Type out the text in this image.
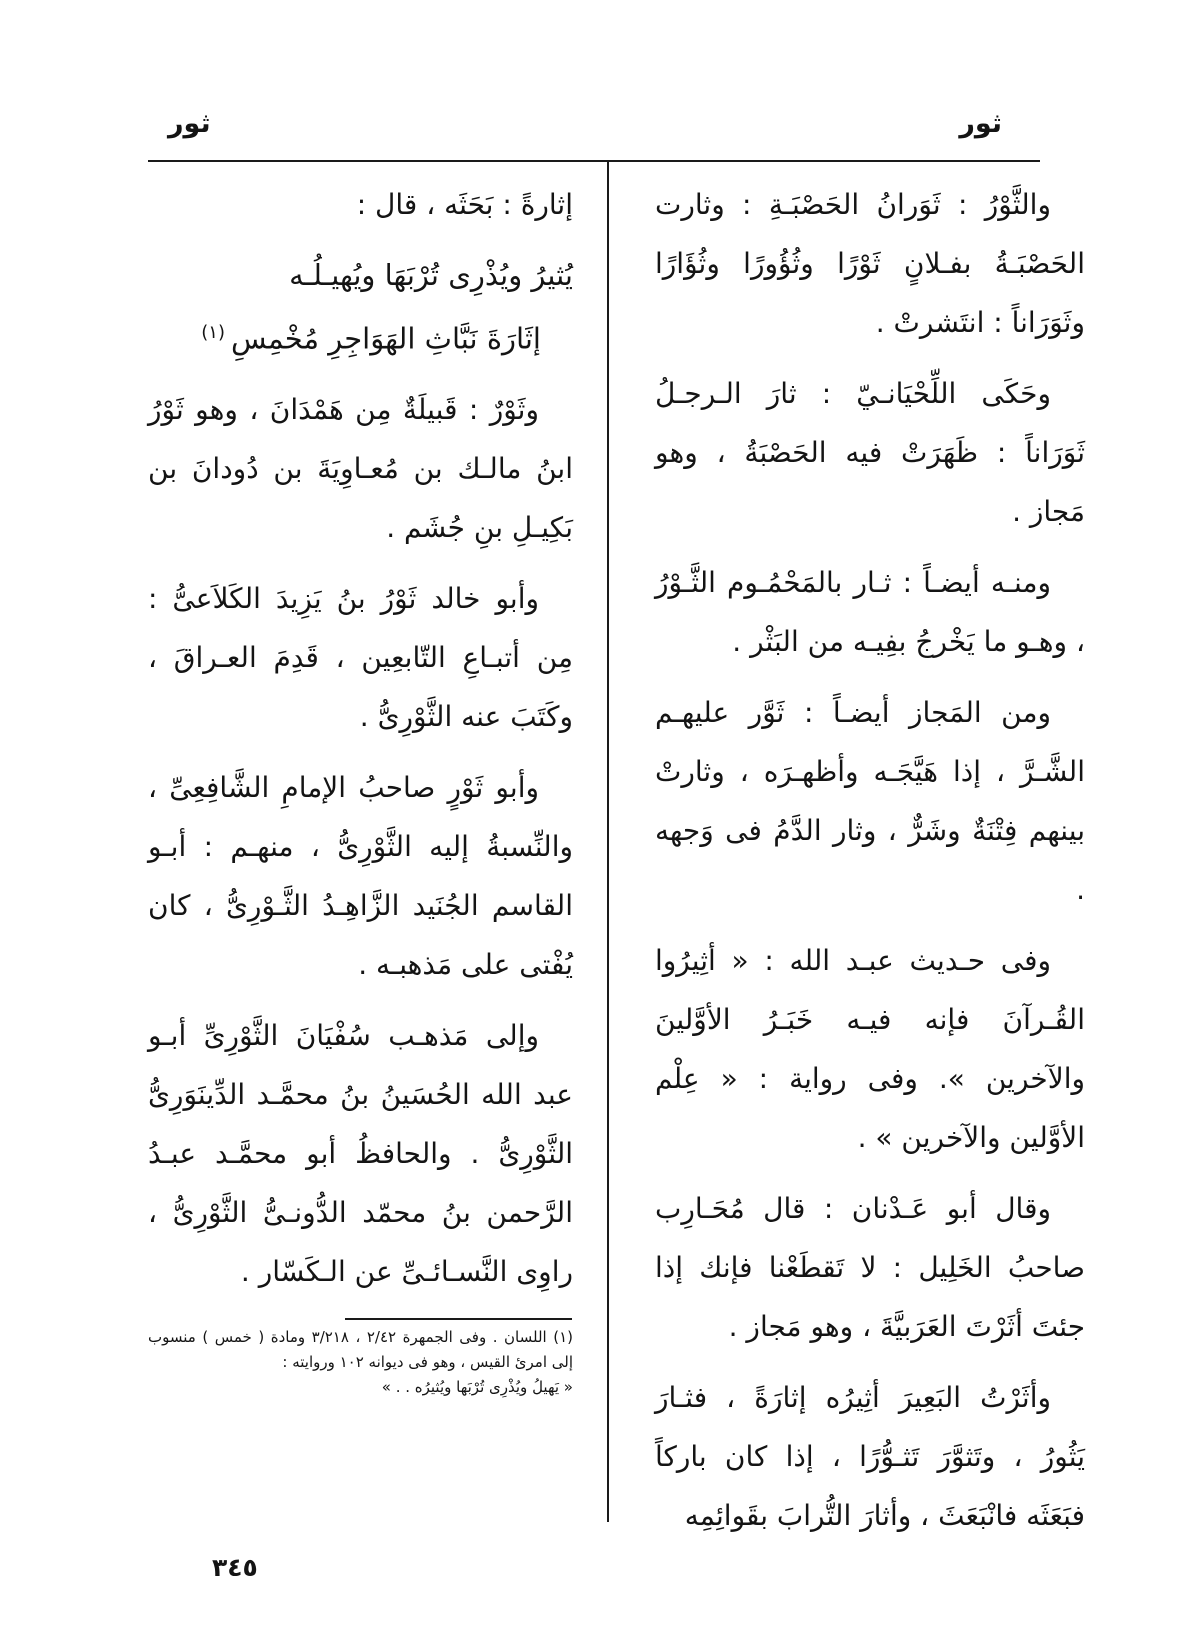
ثور
ثور

والثَّوْرُ : ثَوَرانُ الحَصْبَـةِ : وثارت الحَصْبَـةُ بفـلانٍ ثَوْرًا وثُؤُورًا وثُؤَارًا وثَوَرَاناً : انتَشرتْ .

وحَكَى اللِّحْيَانـيّ : ثارَ الـرجـلُ ثَوَرَاناً : ظَهَرَتْ فيه الحَصْبَةُ ، وهو مَجاز .

ومنـه أيضـاً : ثـار بالمَحْمُـوم الثَّـوْرُ ، وهـو ما يَخْرجُ بفِيـه من البَثْر .

ومن المَجاز أيضـاً : ثَوَّر عليهـم الشَّـرَّ ، إذا هَيَّجَـه وأظهـرَه ، وثارتْ بينهم فِتْنَةٌ وشَرٌّ ، وثار الدَّمُ فى وَجهه .

وفى حـديث عبـد الله : « أثِيرُوا القُـرآنَ فإنه فيـه خَبَـرُ الأوَّلينَ والآخرين ». وفى رواية : « عِلْم الأوَّلين والآخرين » .

وقال أبو عَـدْنان : قال مُحَـارِب صاحبُ الخَلِيل : لا تَقطَعْنا فإنك إذا جئتَ أثَرْتَ العَرَبيَّةَ ، وهو مَجاز .

وأثَرْتُ البَعِيرَ أثِيرُه إثارَةً ، فثـارَ يَثُورُ ، وتَثوَّرَ تَثـوُّرًا ، إذا كان باركاً فبَعَثَه فانْبَعَثَ ، وأثارَ التُّرابَ بقَوائِمِه

إثارةً : بَحَثَه ، قال :

يُثيرُ ويُذْرِى تُرْبَهَا ويُهيـلُـه
إثَارَةَ نَبَّاثِ الهَوَاجِرِ مُخْمِسِ$^{(١)}$

وثَوْرٌ : قَبيلَةٌ مِن هَمْدَانَ ، وهو ثَوْرُ ابنُ مالـك بن مُعـاوِيَةَ بن دُودانَ بن بَكِيـلِ بنِ جُشَم .

وأبو خالد ثَوْرُ بنُ يَزِيدَ الكَلاَعىُّ : مِن أتبـاعِ التّابعِين ، قَدِمَ العـراقَ ، وكَتَبَ عنه الثَّوْرِىُّ .

وأبو ثَوْرٍ صاحبُ الإمامِ الشَّافِعِىِّ ، والنِّسبةُ إليه الثَّوْرِىُّ ، منهـم : أبـو القاسم الجُنَيد الزَّاهِـدُ الثَّـوْرِىُّ ، كان يُفْتى على مَذهبـه .

وإلى مَذهـب سُفْيَانَ الثَّوْرِىِّ أبـو عبد الله الحُسَينُ بنُ محمَّـد الدِّينَوَرِىُّ الثَّوْرِىُّ . والحافظُ أبو محمَّـد عبـدُ الرَّحمن بنُ محمّد الدُّونـىُّ الثَّوْرِىُّ ، راوِى النَّسـائـىِّ عن الـكَسّار .

(١) اللسان . وفى الجمهرة ٢/٤٢ ، ٣/٢١٨ ومادة ( خمس ) منسوب إلى امرئ القيس ، وهو فى ديوانه ١٠٢ وروايته :

« يَهيلُ ويُذْرِى تُرْبَها ويُثيرُه . . »

٣٤٥
